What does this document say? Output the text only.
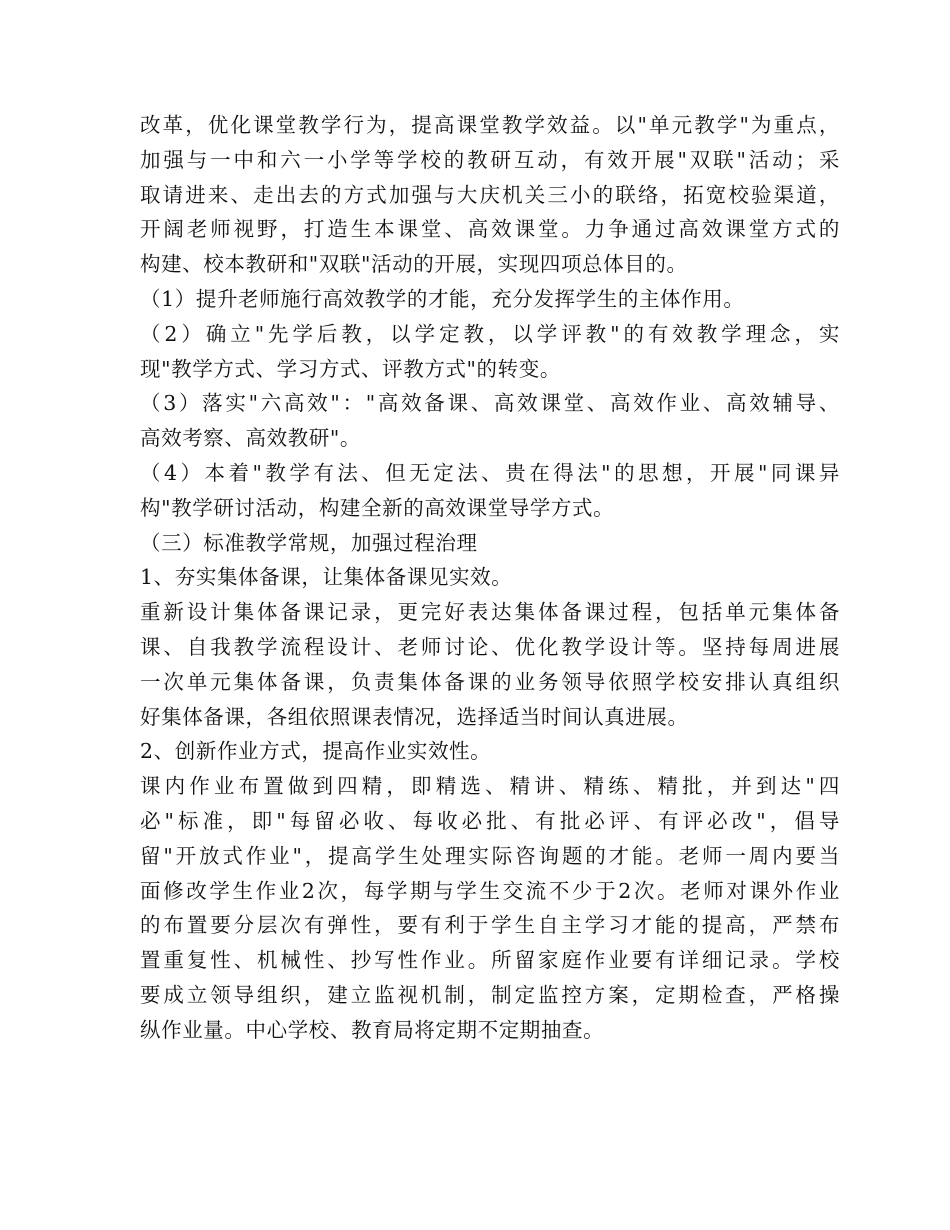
改革，优化课堂教学行为，提高课堂教学效益。以"单元教学"为重点，

加强与一中和六一小学等学校的教研互动，有效开展"双联"活动；采

取请进来、走出去的方式加强与大庆机关三小的联络，拓宽校验渠道，

开阔老师视野，打造生本课堂、高效课堂。力争通过高效课堂方式的

构建、校本教研和"双联"活动的开展，实现四项总体目的。

（1）提升老师施行高效教学的才能，充分发挥学生的主体作用。

（2）确立"先学后教，以学定教，以学评教"的有效教学理念，实

现"教学方式、学习方式、评教方式"的转变。

（3）落实"六高效"："高效备课、高效课堂、高效作业、高效辅导、

高效考察、高效教研"。

（4）本着"教学有法、但无定法、贵在得法"的思想，开展"同课异

构"教学研讨活动，构建全新的高效课堂导学方式。

（三）标准教学常规，加强过程治理

1、夯实集体备课，让集体备课见实效。

重新设计集体备课记录，更完好表达集体备课过程，包括单元集体备

课、自我教学流程设计、老师讨论、优化教学设计等。坚持每周进展

一次单元集体备课，负责集体备课的业务领导依照学校安排认真组织

好集体备课，各组依照课表情况，选择适当时间认真进展。

2、创新作业方式，提高作业实效性。

课内作业布置做到四精，即精选、精讲、精练、精批，并到达"四

必"标准，即"每留必收、每收必批、有批必评、有评必改"，倡导

留"开放式作业"，提高学生处理实际咨询题的才能。老师一周内要当

面修改学生作业2次，每学期与学生交流不少于2次。老师对课外作业

的布置要分层次有弹性，要有利于学生自主学习才能的提高，严禁布

置重复性、机械性、抄写性作业。所留家庭作业要有详细记录。学校

要成立领导组织，建立监视机制，制定监控方案，定期检查，严格操

纵作业量。中心学校、教育局将定期不定期抽查。
